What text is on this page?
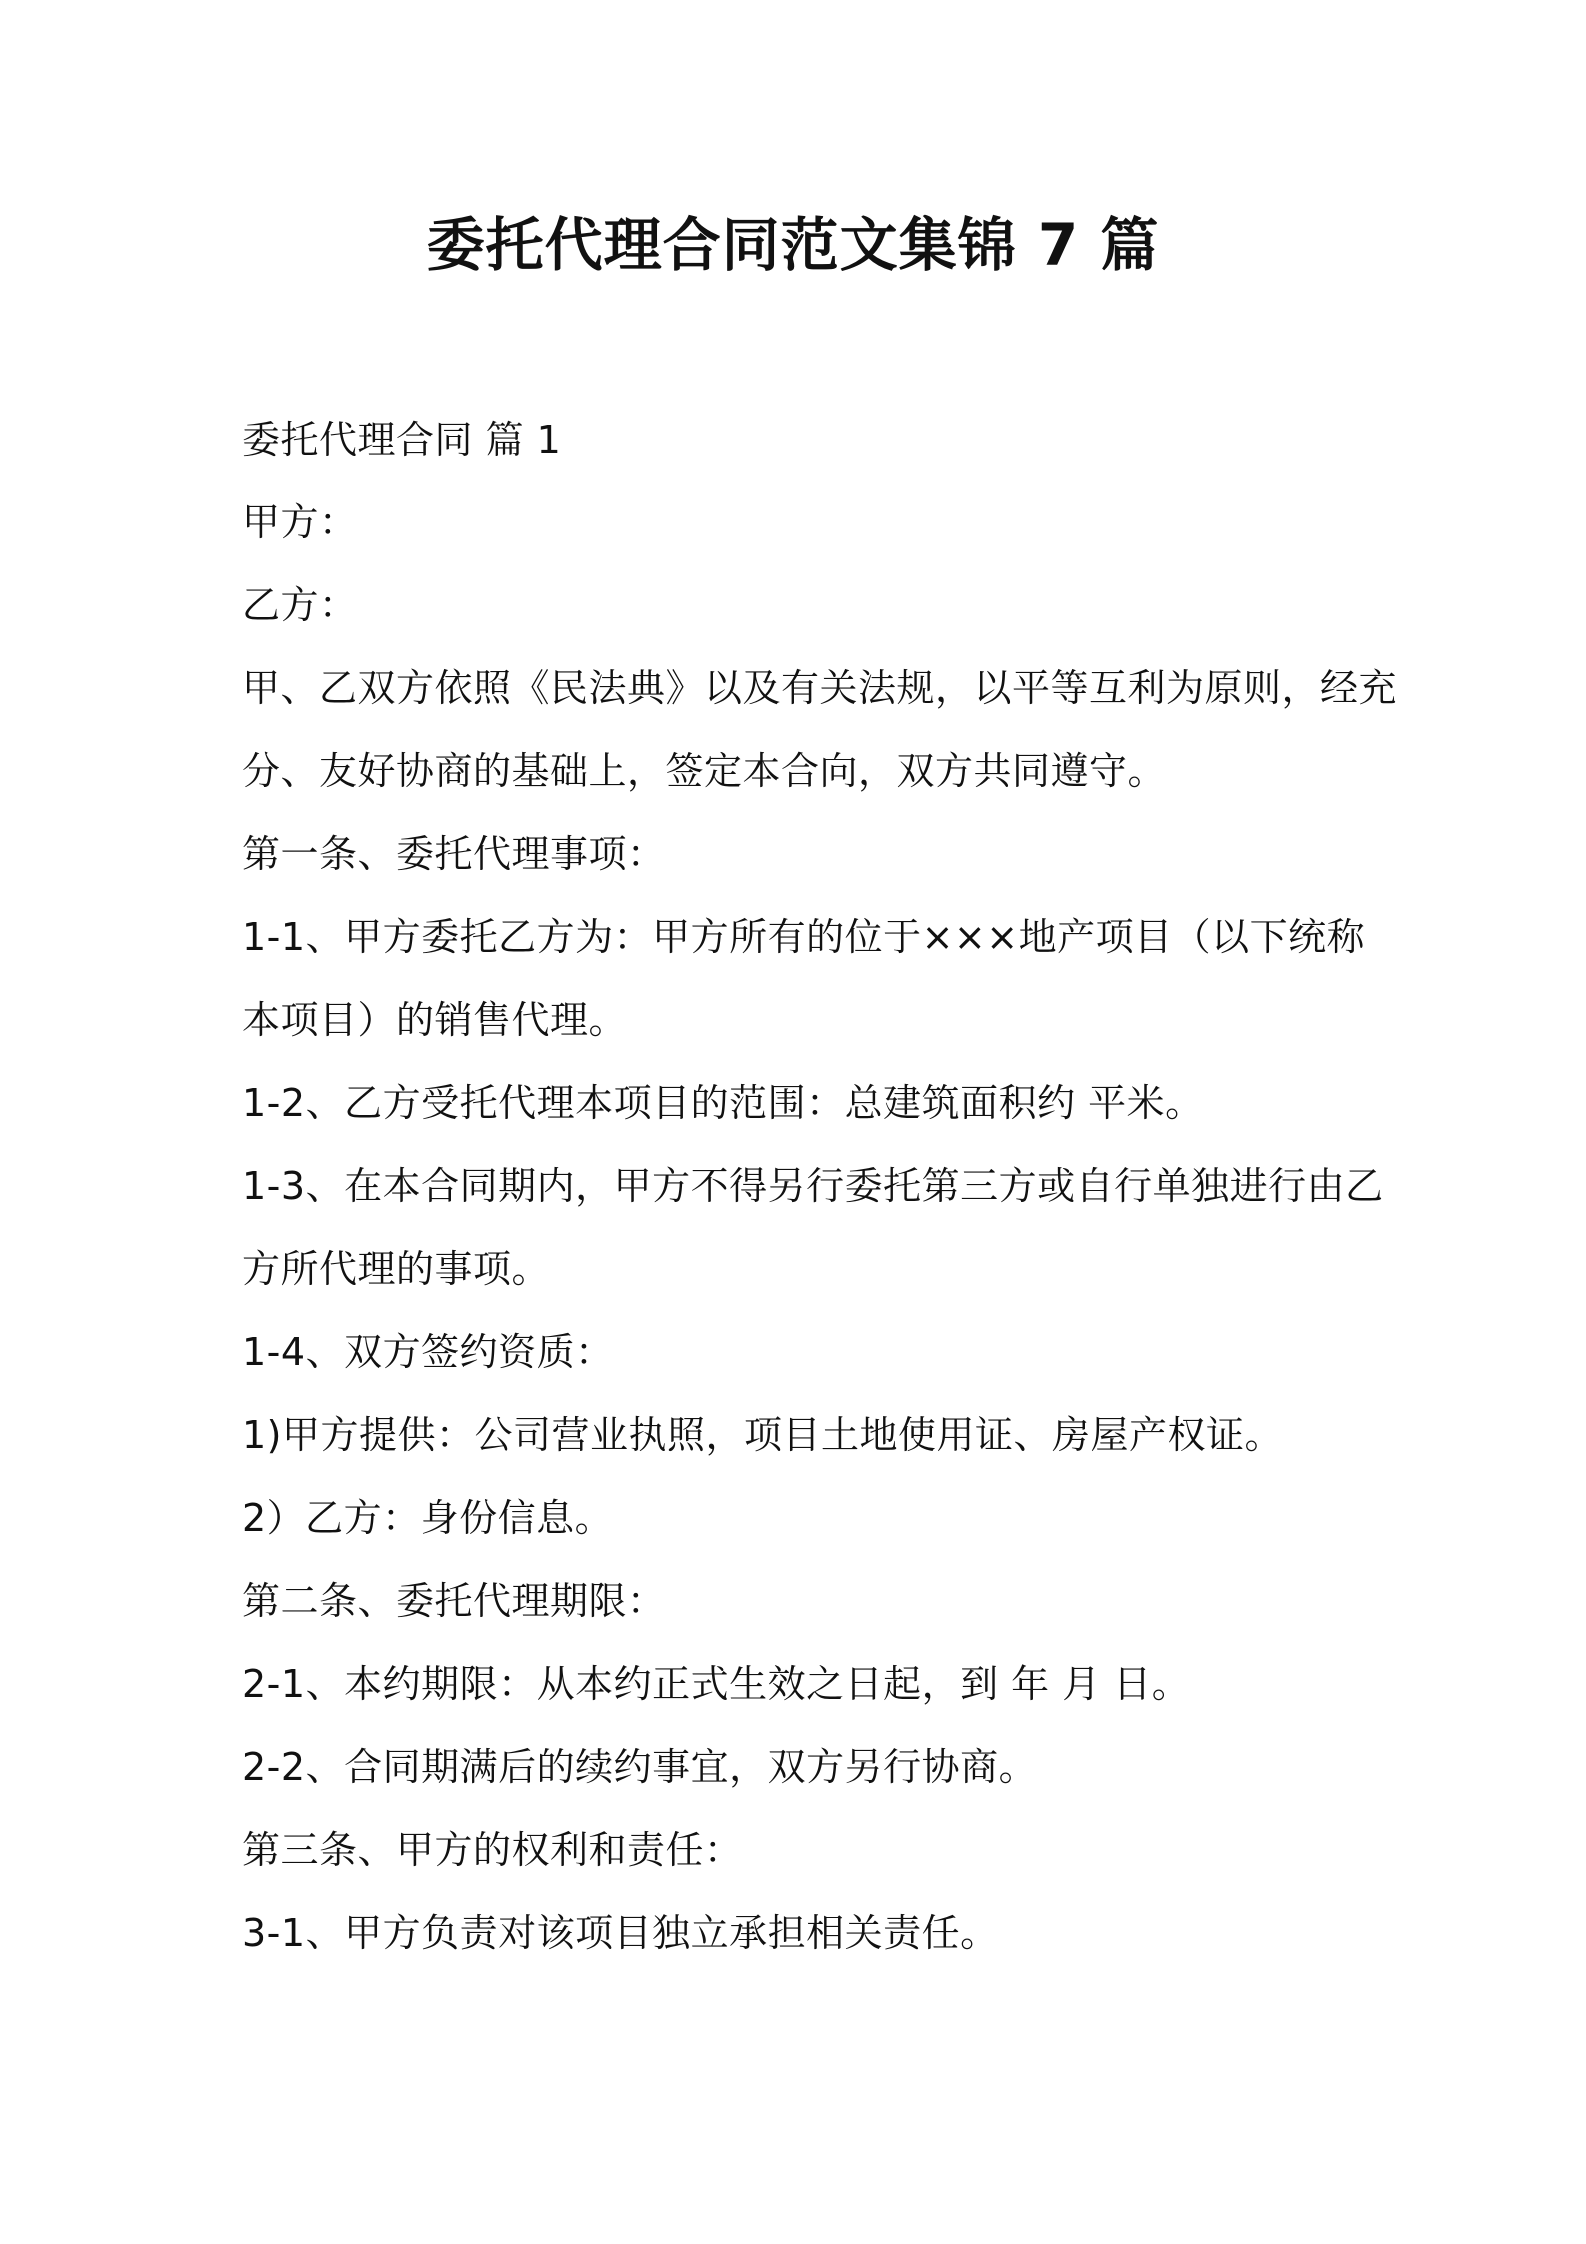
委托代理合同范文集锦 7 篇
委托代理合同 篇 1
甲方：
乙方：
甲、乙双方依照《民法典》以及有关法规，以平等互利为原则，经充
分、友好协商的基础上，签定本合向，双方共同遵守。
第一条、委托代理事项：
1-1、甲方委托乙方为：甲方所有的位于×××地产项目（以下统称
本项目）的销售代理。
1-2、乙方受托代理本项目的范围：总建筑面积约 平米。
1-3、在本合同期内，甲方不得另行委托第三方或自行单独进行由乙
方所代理的事项。
1-4、双方签约资质：
1)甲方提供：公司营业执照，项目土地使用证、房屋产权证。
2）乙方：身份信息。
第二条、委托代理期限：
2-1、本约期限：从本约正式生效之日起，到 年 月 日。
2-2、合同期满后的续约事宜，双方另行协商。
第三条、甲方的权利和责任：
3-1、甲方负责对该项目独立承担相关责任。
